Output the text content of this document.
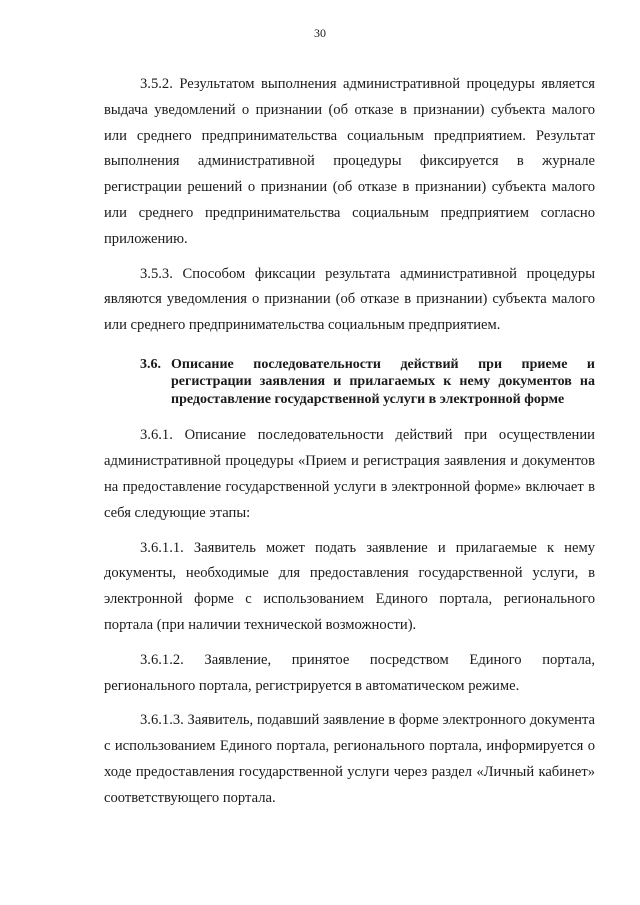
30

3.5.2. Результатом выполнения административной процедуры является выдача уведомлений о признании (об отказе в признании) субъекта малого или среднего предпринимательства социальным предприятием. Результат выполнения административной процедуры фиксируется в журнале регистрации решений о признании (об отказе в признании) субъекта малого или среднего предпринимательства социальным предприятием согласно приложению.

3.5.3. Способом фиксации результата административной процедуры являются уведомления о признании (об отказе в признании) субъекта малого или среднего предпринимательства социальным предприятием.

3.6. Описание последовательности действий при приеме и регистрации заявления и прилагаемых к нему документов на предоставление государственной услуги в электронной форме

3.6.1. Описание последовательности действий при осуществлении административной процедуры «Прием и регистрация заявления и документов на предоставление государственной услуги в электронной форме» включает в себя следующие этапы:

3.6.1.1. Заявитель может подать заявление и прилагаемые к нему документы, необходимые для предоставления государственной услуги, в электронной форме с использованием Единого портала, регионального портала (при наличии технической возможности).

3.6.1.2. Заявление, принятое посредством Единого портала, регионального портала, регистрируется в автоматическом режиме.

3.6.1.3. Заявитель, подавший заявление в форме электронного документа с использованием Единого портала, регионального портала, информируется о ходе предоставления государственной услуги через раздел «Личный кабинет» соответствующего портала.
